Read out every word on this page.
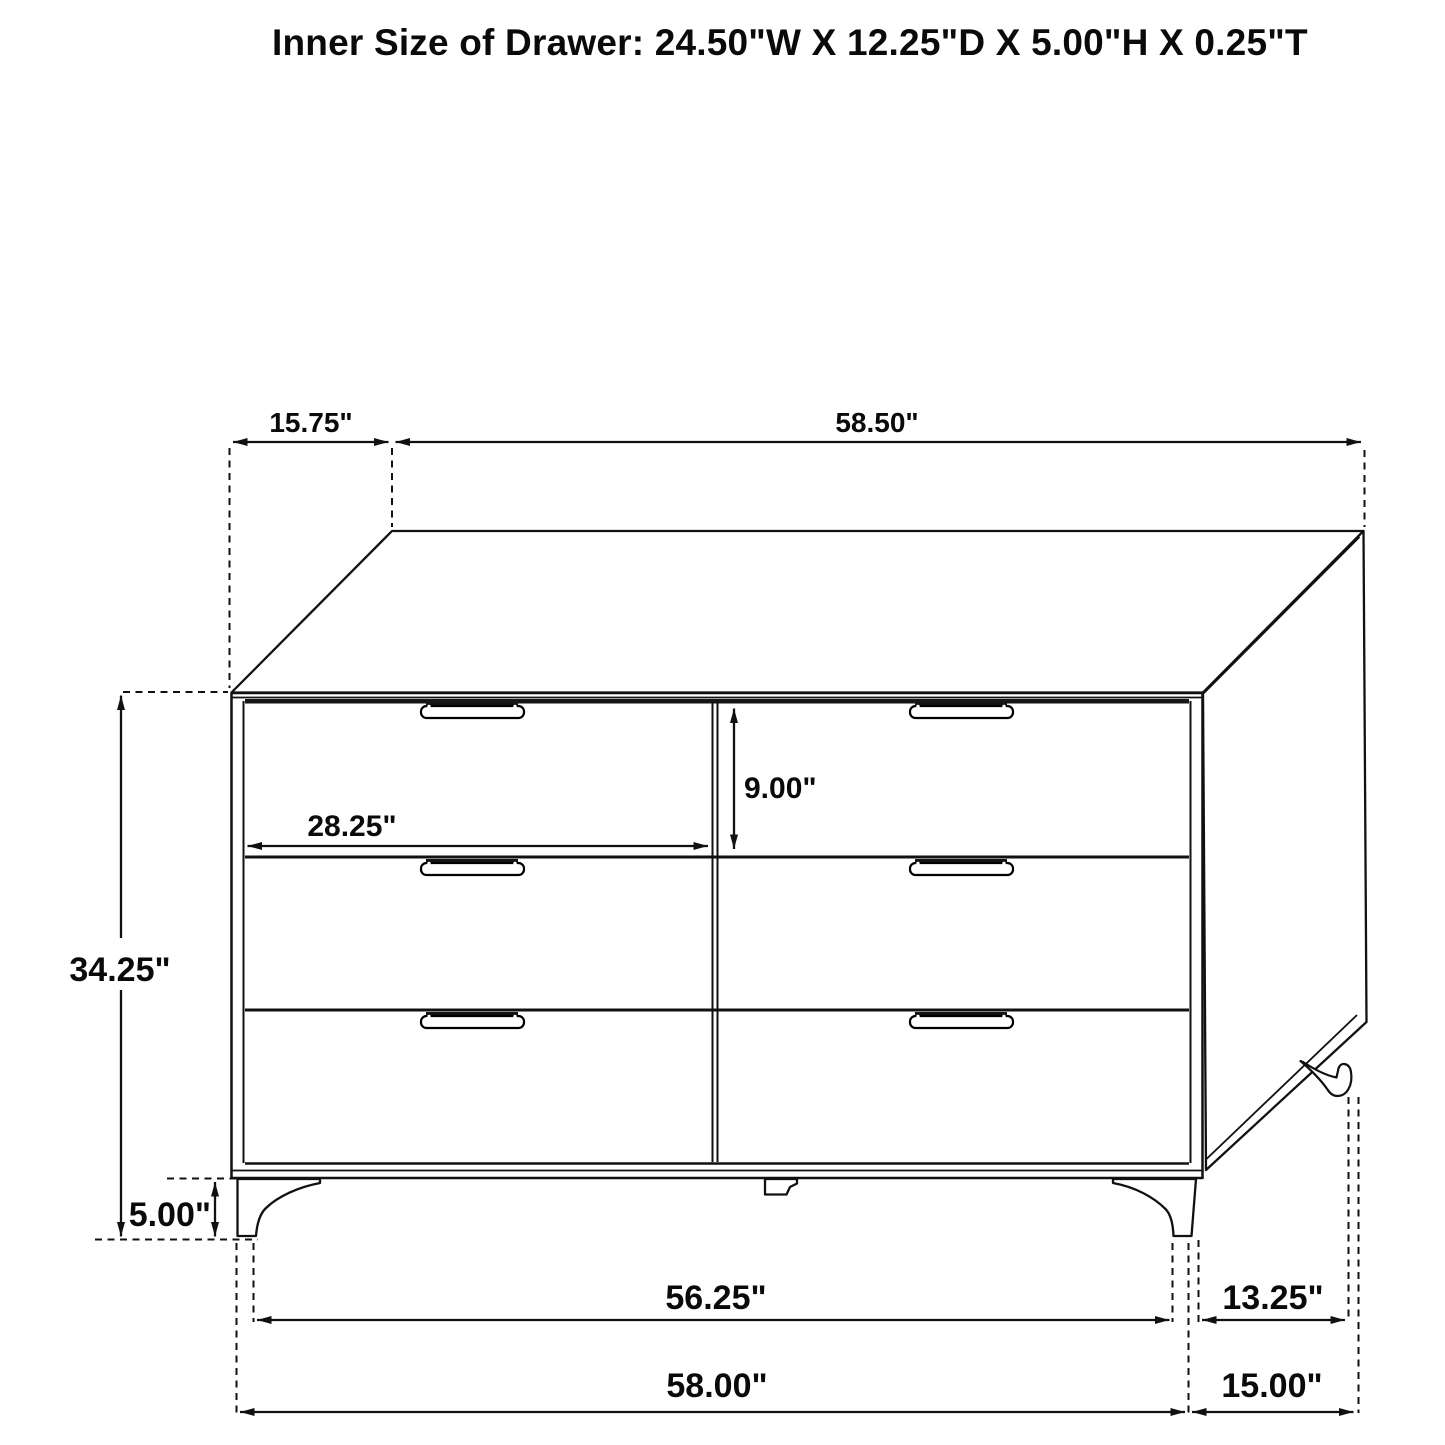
Inner Size of Drawer: 24.50"W X 12.25"D X 5.00"H X 0.25"T
15.75"	58.50"
34.25"
5.00"
9.00"
28.25"
56.25"	13.25"
58.00"	15.00"
